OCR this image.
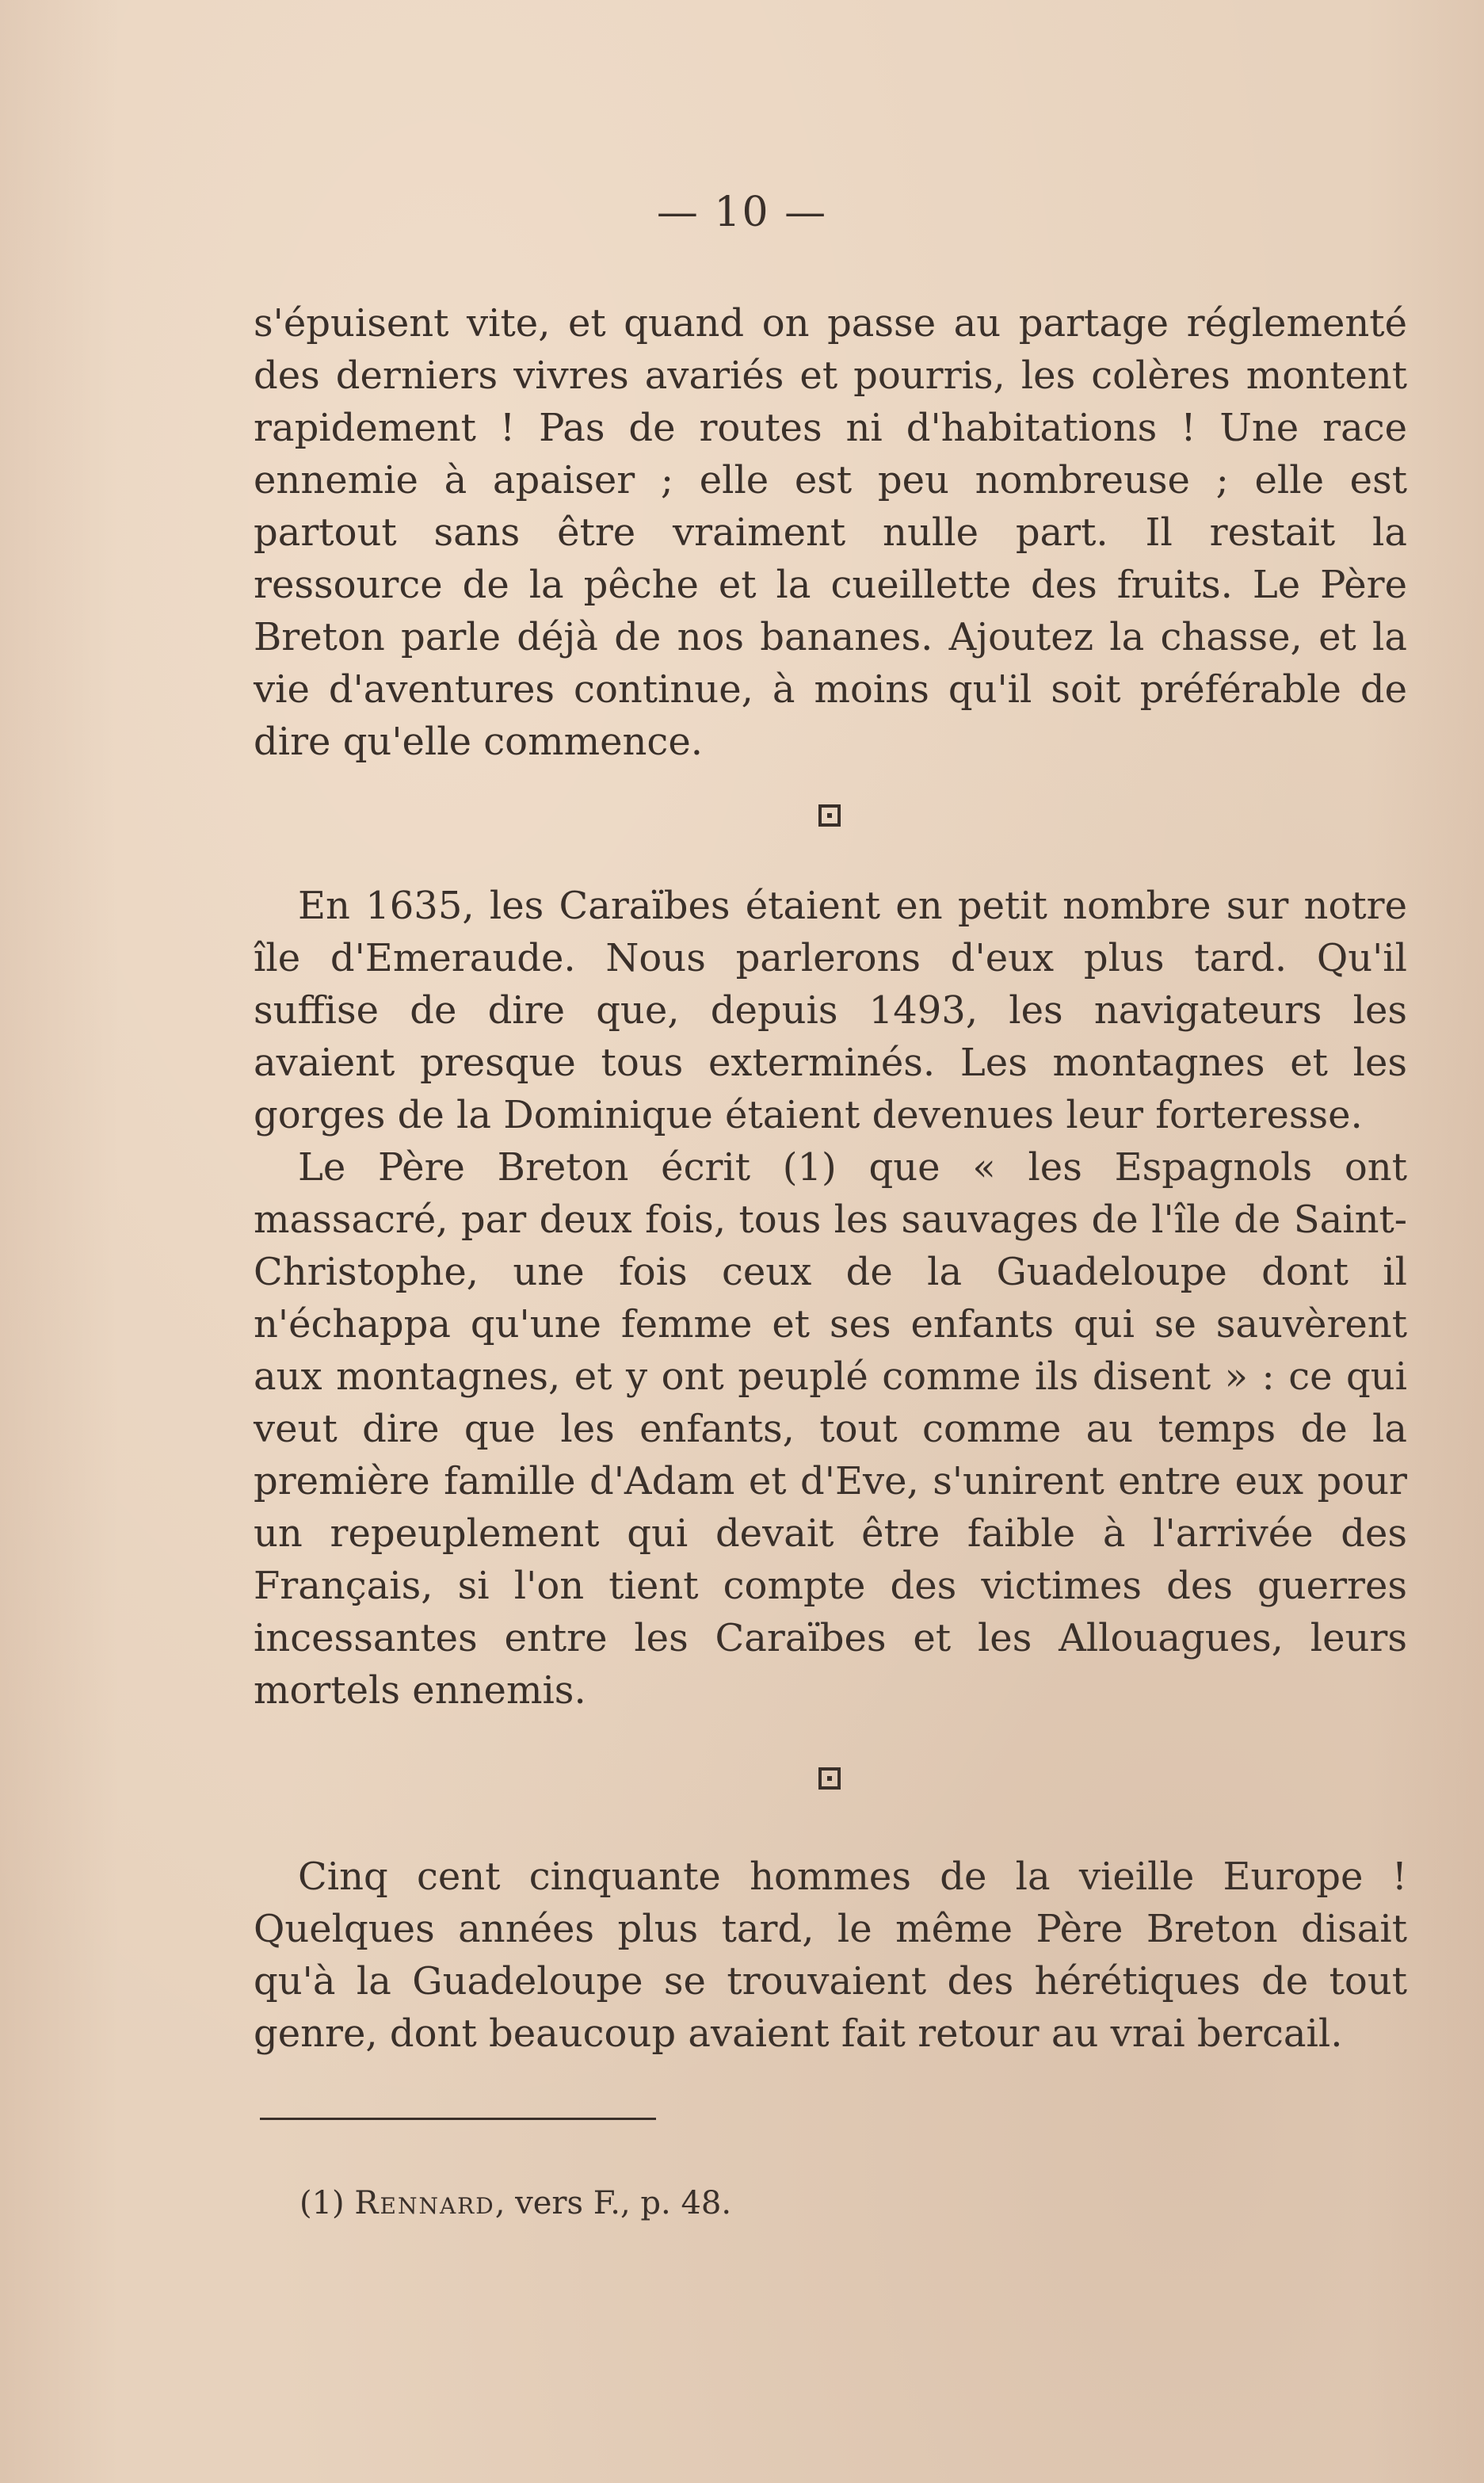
— 10 —

s'épuisent vite, et quand on passe au partage réglementé des derniers vivres avariés et pourris, les colères montent rapidement ! Pas de routes ni d'habitations ! Une race ennemie à apaiser ; elle est peu nombreuse ; elle est partout sans être vraiment nulle part. Il restait la ressource de la pêche et la cueillette des fruits. Le Père Breton parle déjà de nos bananes. Ajoutez la chasse, et la vie d'aventures continue, à moins qu'il soit préférable de dire qu'elle commence.

En 1635, les Caraïbes étaient en petit nombre sur notre île d'Emeraude. Nous parlerons d'eux plus tard. Qu'il suffise de dire que, depuis 1493, les navigateurs les avaient presque tous exterminés. Les montagnes et les gorges de la Dominique étaient devenues leur forteresse.

Le Père Breton écrit (1) que « les Espagnols ont massacré, par deux fois, tous les sauvages de l'île de Saint-Christophe, une fois ceux de la Guadeloupe dont il n'échappa qu'une femme et ses enfants qui se sauvèrent aux montagnes, et y ont peuplé comme ils disent » : ce qui veut dire que les enfants, tout comme au temps de la première famille d'Adam et d'Eve, s'unirent entre eux pour un repeuplement qui devait être faible à l'arrivée des Français, si l'on tient compte des victimes des guerres incessantes entre les Caraïbes et les Allouagues, leurs mortels ennemis.

Cinq cent cinquante hommes de la vieille Europe ! Quelques années plus tard, le même Père Breton disait qu'à la Guadeloupe se trouvaient des hérétiques de tout genre, dont beaucoup avaient fait retour au vrai bercail.

(1) Rennard, vers F., p. 48.
